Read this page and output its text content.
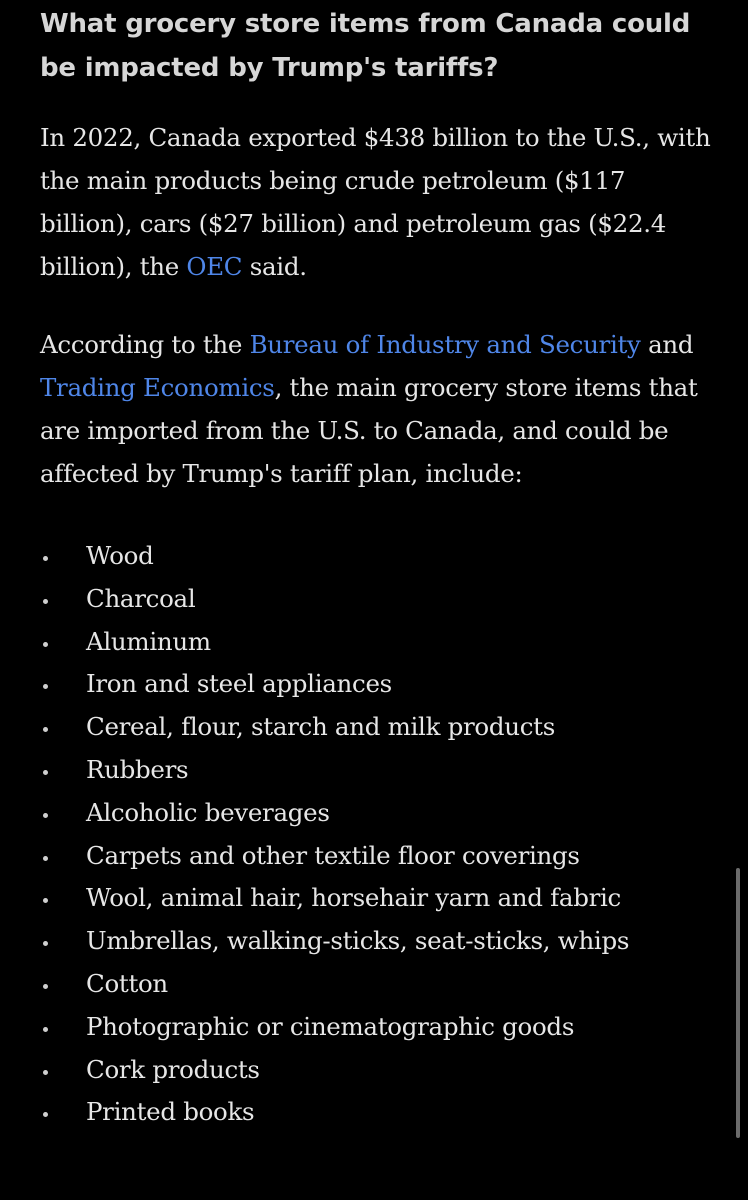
What grocery store items from Canada could be impacted by Trump's tariffs?

In 2022, Canada exported $438 billion to the U.S., with the main products being crude petroleum ($117 billion), cars ($27 billion) and petroleum gas ($22.4 billion), the OEC said.

According to the Bureau of Industry and Security and Trading Economics, the main grocery store items that are imported from the U.S. to Canada, and could be affected by Trump's tariff plan, include:

Wood
Charcoal
Aluminum
Iron and steel appliances
Cereal, flour, starch and milk products
Rubbers
Alcoholic beverages
Carpets and other textile floor coverings
Wool, animal hair, horsehair yarn and fabric
Umbrellas, walking-sticks, seat-sticks, whips
Cotton
Photographic or cinematographic goods
Cork products
Printed books
